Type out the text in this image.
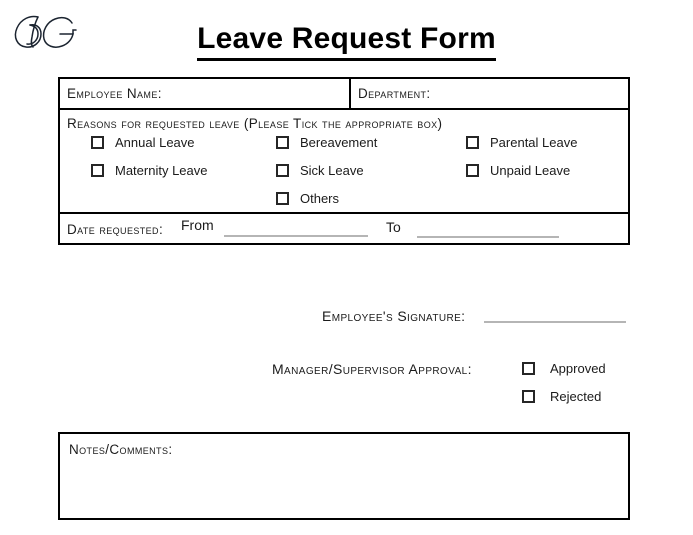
Leave Request Form
Employee Name:	Department:
Reasons for requested leave (Please Tick the appropriate box)
Annual Leave
Maternity Leave
Bereavement
Sick Leave
Others
Parental Leave
Unpaid Leave
Date requested: From	To
Employee's Signature:
Manager/Supervisor Approval:	Approved
Rejected
Notes/Comments:
